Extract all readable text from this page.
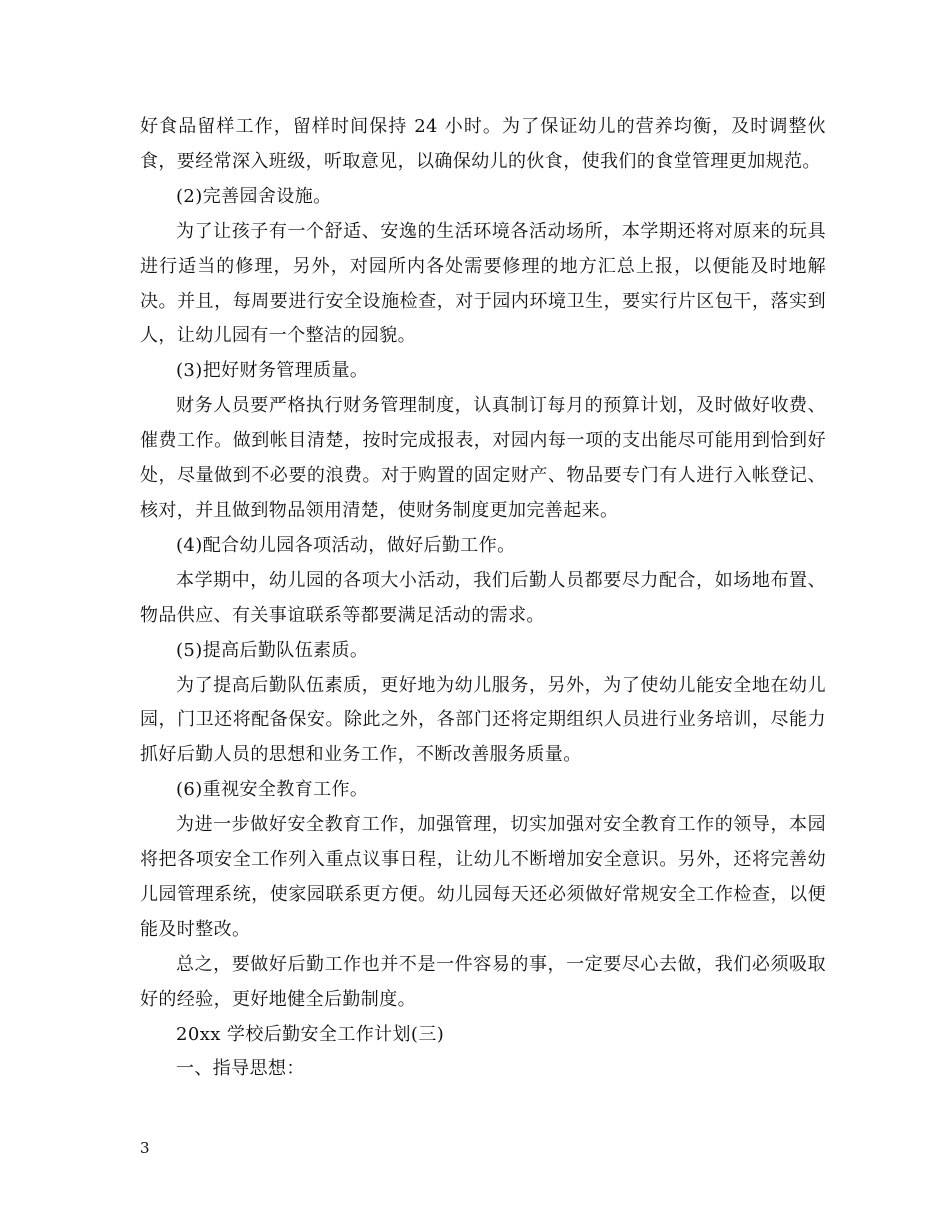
好食品留样工作，留样时间保持 24 小时。为了保证幼儿的营养均衡，及时调整伙食，要经常深入班级，听取意见，以确保幼儿的伙食，使我们的食堂管理更加规范。

(2)完善园舍设施。

为了让孩子有一个舒适、安逸的生活环境各活动场所，本学期还将对原来的玩具进行适当的修理，另外，对园所内各处需要修理的地方汇总上报，以便能及时地解决。并且，每周要进行安全设施检查，对于园内环境卫生，要实行片区包干，落实到人，让幼儿园有一个整洁的园貌。

(3)把好财务管理质量。

财务人员要严格执行财务管理制度，认真制订每月的预算计划，及时做好收费、催费工作。做到帐目清楚，按时完成报表，对园内每一项的支出能尽可能用到恰到好处，尽量做到不必要的浪费。对于购置的固定财产、物品要专门有人进行入帐登记、核对，并且做到物品领用清楚，使财务制度更加完善起来。

(4)配合幼儿园各项活动，做好后勤工作。

本学期中，幼儿园的各项大小活动，我们后勤人员都要尽力配合，如场地布置、物品供应、有关事谊联系等都要满足活动的需求。

(5)提高后勤队伍素质。

为了提高后勤队伍素质，更好地为幼儿服务，另外，为了使幼儿能安全地在幼儿园，门卫还将配备保安。除此之外，各部门还将定期组织人员进行业务培训，尽能力抓好后勤人员的思想和业务工作，不断改善服务质量。

(6)重视安全教育工作。

为进一步做好安全教育工作，加强管理，切实加强对安全教育工作的领导，本园将把各项安全工作列入重点议事日程，让幼儿不断增加安全意识。另外，还将完善幼儿园管理系统，使家园联系更方便。幼儿园每天还必须做好常规安全工作检查，以便能及时整改。

总之，要做好后勤工作也并不是一件容易的事，一定要尽心去做，我们必须吸取好的经验，更好地健全后勤制度。

20xx 学校后勤安全工作计划(三)

一、指导思想：

3
